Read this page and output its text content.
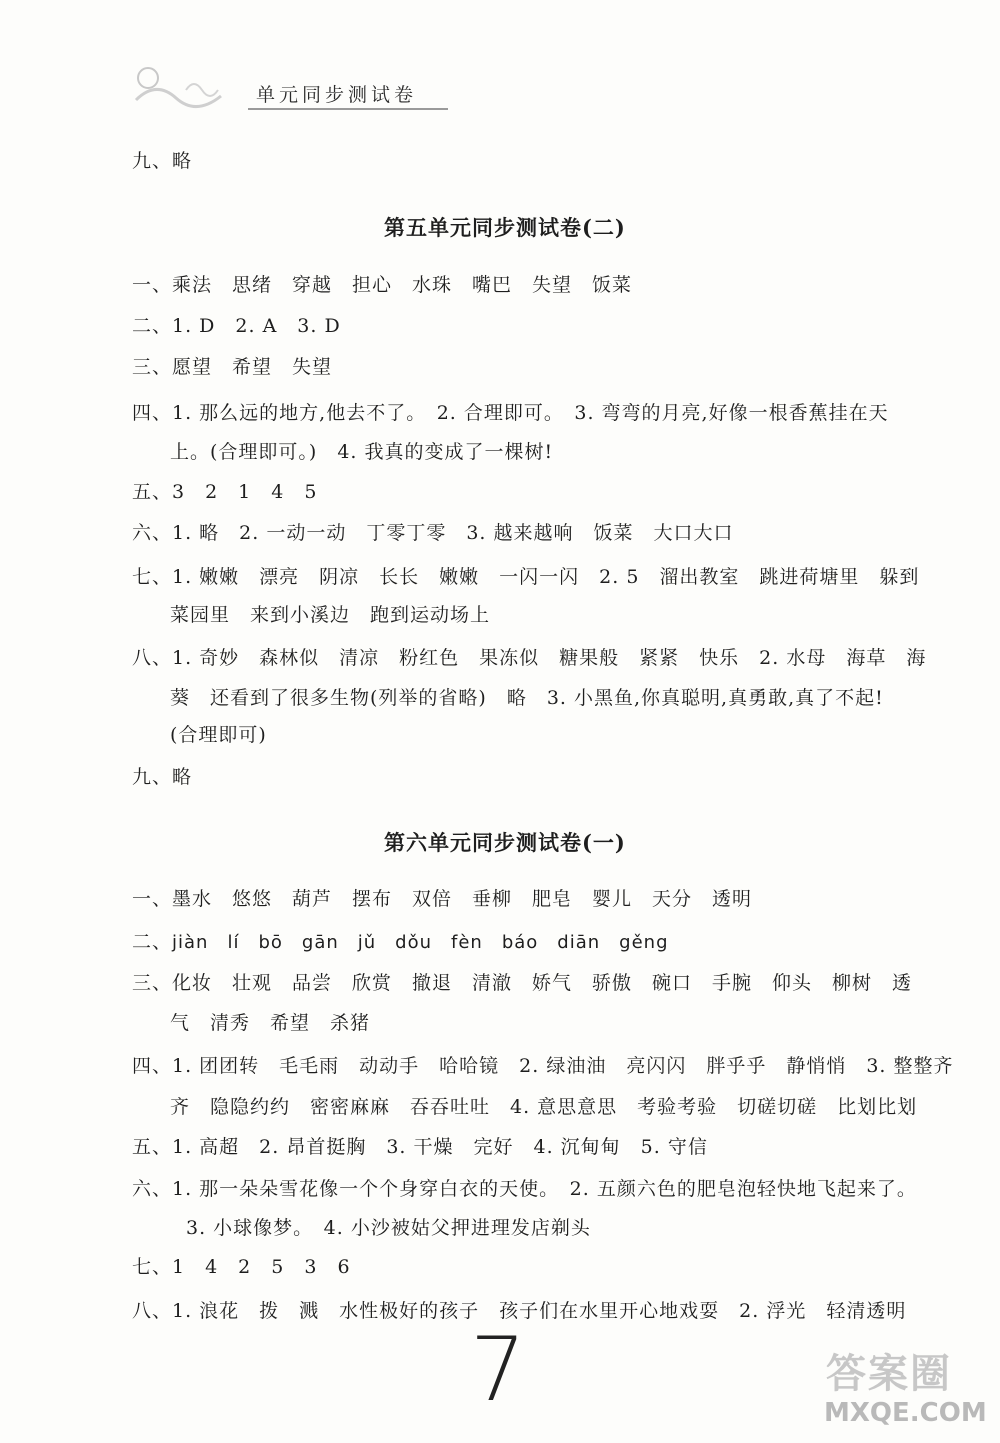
单元同步测试卷
九、略
第五单元同步测试卷(二)
一、乘法　思绪　穿越　担心　水珠　嘴巴　失望　饭菜
二、1. D　2. A　3. D
三、愿望　希望　失望
四、1. 那么远的地方,他去不了。　2. 合理即可。　3. 弯弯的月亮,好像一根香蕉挂在天
上。(合理即可。)　4. 我真的变成了一棵树!
五、3　2　1　4　5
六、1. 略　2. 一动一动　丁零丁零　3. 越来越响　饭菜　大口大口
七、1. 嫩嫩　漂亮　阴凉　长长　嫩嫩　一闪一闪　2. 5　溜出教室　跳进荷塘里　躲到
菜园里　来到小溪边　跑到运动场上
八、1. 奇妙　森林似　清凉　粉红色　果冻似　糖果般　紧紧　快乐　2. 水母　海草　海
葵　还看到了很多生物(列举的省略)　略　3. 小黑鱼,你真聪明,真勇敢,真了不起!
(合理即可)
九、略
第六单元同步测试卷(一)
一、墨水　悠悠　葫芦　摆布　双倍　垂柳　肥皂　婴儿　天分　透明
二、jiàn　lí　bō　gān　jǔ　dǒu　fèn　báo　diān　gěng
三、化妆　壮观　品尝　欣赏　撤退　清澈　娇气　骄傲　碗口　手腕　仰头　柳树　透
气　清秀　希望　杀猪
四、1. 团团转　毛毛雨　动动手　哈哈镜　2. 绿油油　亮闪闪　胖乎乎　静悄悄　3. 整整齐
齐　隐隐约约　密密麻麻　吞吞吐吐　4. 意思意思　考验考验　切磋切磋　比划比划
五、1. 高超　2. 昂首挺胸　3. 干燥　完好　4. 沉甸甸　5. 守信
六、1. 那一朵朵雪花像一个个身穿白衣的天使。　2. 五颜六色的肥皂泡轻快地飞起来了。
3. 小球像梦。　4. 小沙被姑父押进理发店剃头
七、1　4　2　5　3　6
八、1. 浪花　拨　溅　水性极好的孩子　孩子们在水里开心地戏耍　2. 浮光　轻清透明
7	答案圈
MXQE.COM
